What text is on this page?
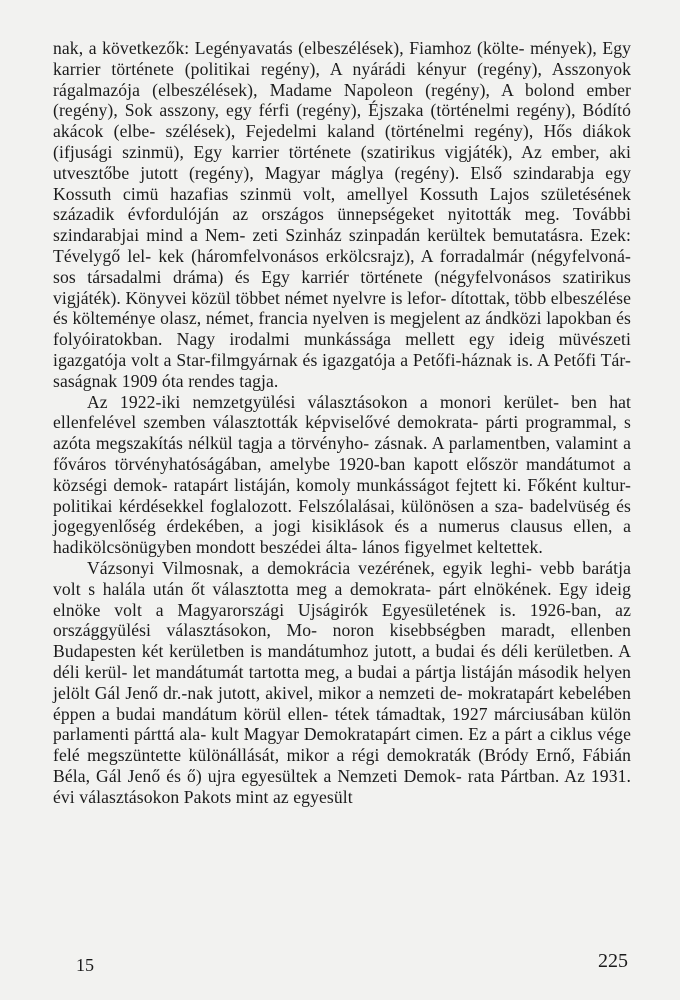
nak, a következők: Legényavatás (elbeszélések), Fiamhoz (költe- mények), Egy karrier története (politikai regény), A nyárádi kényur (regény), Asszonyok rágalmazója (elbeszélések), Madame Napoleon (regény), A bolond ember (regény), Sok asszony, egy férfi (regény), Éjszaka (történelmi regény), Bódító akácok (elbe- szélések), Fejedelmi kaland (történelmi regény), Hős diákok (ifjusági szinmü), Egy karrier története (szatirikus vigjáték), Az ember, aki utvesztőbe jutott (regény), Magyar máglya (regény). Első szindarabja egy Kossuth cimü hazafias szinmü volt, amellyel Kossuth Lajos születésének századik évfordulóján az országos ünnepségeket nyitották meg. További szindarabjai mind a Nem- zeti Szinház szinpadán kerültek bemutatásra. Ezek: Tévelygő lel- kek (háromfelvonásos erkölcsrajz), A forradalmár (négyfelvoná- sos társadalmi dráma) és Egy karriér története (négyfelvonásos szatirikus vigjáték). Könyvei közül többet német nyelvre is lefor- dítottak, több elbeszélése és költeménye olasz, német, francia nyelven is megjelent az ándközi lapokban és folyóiratokban. Nagy irodalmi munkássága mellett egy ideig müvészeti igazgatója volt a Star-filmgyárnak és igazgatója a Petőfi-háznak is. A Petőfi Tár- saságnak 1909 óta rendes tagja.

Az 1922-iki nemzetgyülési választásokon a monori kerület- ben hat ellenfelével szemben választották képviselővé demokrata- párti programmal, s azóta megszakítás nélkül tagja a törvényho- zásnak. A parlamentben, valamint a főváros törvényhatóságában, amelybe 1920-ban kapott először mandátumot a községi demok- ratapárt listáján, komoly munkásságot fejtett ki. Főként kultur- politikai kérdésekkel foglalozott. Felszólalásai, különösen a sza- badelvüség és jogegyenlőség érdekében, a jogi kisiklások és a numerus clausus ellen, a hadikölcsönügyben mondott beszédei álta- lános figyelmet keltettek.

Vázsonyi Vilmosnak, a demokrácia vezérének, egyik leghi- vebb barátja volt s halála után őt választotta meg a demokrata- párt elnökének. Egy ideig elnöke volt a Magyarországi Ujságirók Egyesületének is. 1926-ban, az országgyülési választásokon, Mo- noron kisebbségben maradt, ellenben Budapesten két kerületben is mandátumhoz jutott, a budai és déli kerületben. A déli kerül- let mandátumát tartotta meg, a budai a pártja listáján második helyen jelölt Gál Jenő dr.-nak jutott, akivel, mikor a nemzeti de- mokratapárt kebelében éppen a budai mandátum körül ellen- tétek támadtak, 1927 márciusában külön parlamenti párttá ala- kult Magyar Demokratapárt cimen. Ez a párt a ciklus vége felé megszüntette különállását, mikor a régi demokraták (Bródy Ernő, Fábián Béla, Gál Jenő és ő) ujra egyesültek a Nemzeti Demok- rata Pártban. Az 1931. évi választásokon Pakots mint az egyesült

15	225
